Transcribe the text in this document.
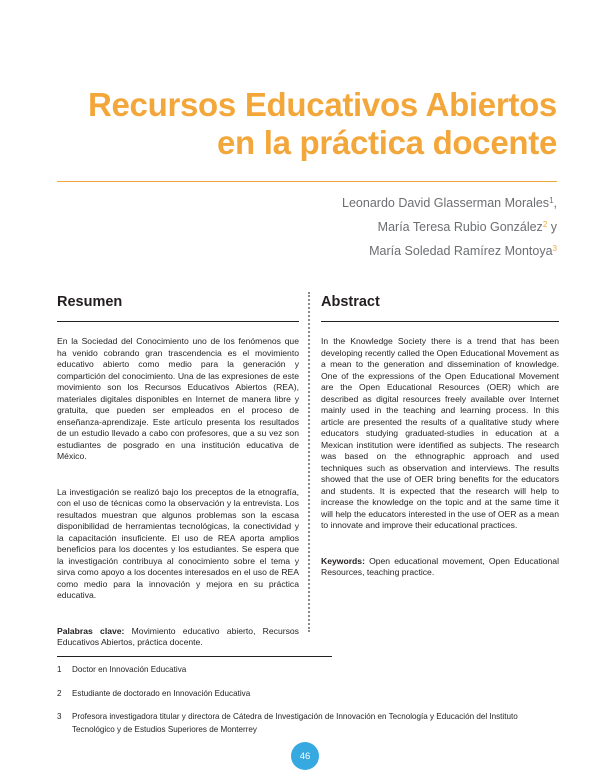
Recursos Educativos Abiertos
en la práctica docente
Leonardo David Glasserman Morales$^1$,
María Teresa Rubio González$^2$ y
María Soledad Ramírez Montoya$^3$
Resumen

En la Sociedad del Conocimiento uno de los fenómenos que ha venido cobrando gran trascendencia es el movimiento educativo abierto como medio para la generación y compartición del conocimiento. Una de las expresiones de este movimiento son los Recursos Educativos Abiertos (REA), materiales digitales disponibles en Internet de manera libre y gratuita, que pueden ser empleados en el proceso de enseñanza-aprendizaje. Este artículo presenta los resultados de un estudio llevado a cabo con profesores, que a su vez son estudiantes de posgrado en una institución educativa de México.

La investigación se realizó bajo los preceptos de la etnografía, con el uso de técnicas como la observación y la entrevista. Los resultados muestran que algunos problemas son la escasa disponibilidad de herramientas tecnológicas, la conectividad y la capacitación insuficiente. El uso de REA aporta amplios beneficios para los docentes y los estudiantes. Se espera que la investigación contribuya al conocimiento sobre el tema y sirva como apoyo a los docentes interesados en el uso de REA como medio para la innovación y mejora en su práctica educativa.

Palabras clave: Movimiento educativo abierto, Recursos Educativos Abiertos, práctica docente.

Abstract

In the Knowledge Society there is a trend that has been developing recently called the Open Educational Movement as a mean to the generation and dissemination of knowledge. One of the expressions of the Open Educational Movement are the Open Educational Resources (OER) which are described as digital resources freely available over Internet mainly used in the teaching and learning process. In this article are presented the results of a qualitative study where educators studying graduated-studies in education at a Mexican institution were identified as subjects. The research was based on the ethnographic approach and used techniques such as observation and interviews. The results showed that the use of OER bring benefits for the educators and students. It is expected that the research will help to increase the knowledge on the topic and at the same time it will help the educators interested in the use of OER as a mean to innovate and improve their educational practices.

Keywords: Open educational movement, Open Educational Resources, teaching practice.

1	Doctor en Innovación Educativa
2	Estudiante de doctorado en Innovación Educativa
3	Profesora investigadora titular y directora de Cátedra de Investigación de Innovación en Tecnología y Educación del Instituto Tecnológico y de Estudios Superiores de Monterrey
46
